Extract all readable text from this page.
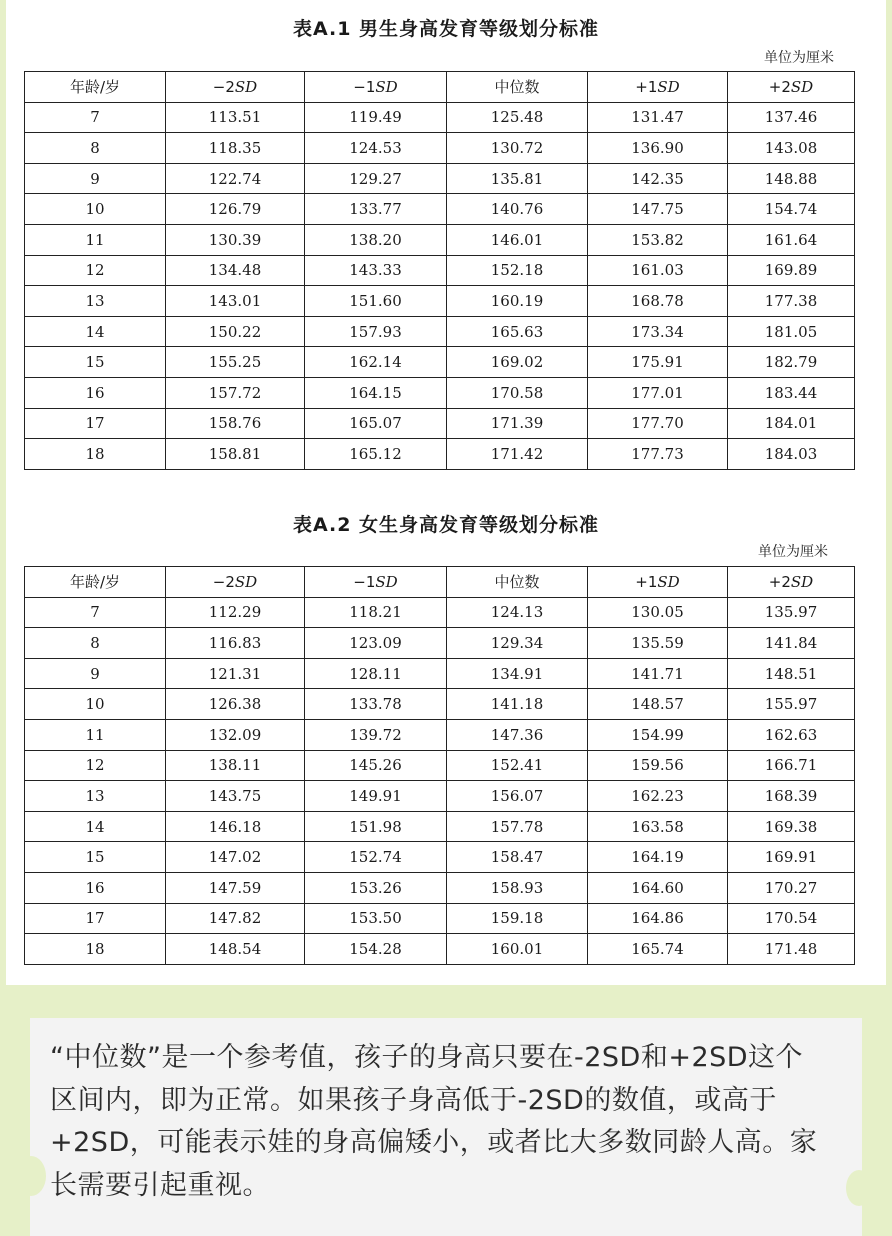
表A.1 男生身高发育等级划分标准
单位为厘米
年龄/岁	−2SD	−1SD	中位数	+1SD	+2SD
7	113.51	119.49	125.48	131.47	137.46
8	118.35	124.53	130.72	136.90	143.08
9	122.74	129.27	135.81	142.35	148.88
10	126.79	133.77	140.76	147.75	154.74
11	130.39	138.20	146.01	153.82	161.64
12	134.48	143.33	152.18	161.03	169.89
13	143.01	151.60	160.19	168.78	177.38
14	150.22	157.93	165.63	173.34	181.05
15	155.25	162.14	169.02	175.91	182.79
16	157.72	164.15	170.58	177.01	183.44
17	158.76	165.07	171.39	177.70	184.01
18	158.81	165.12	171.42	177.73	184.03
表A.2 女生身高发育等级划分标准
单位为厘米
年龄/岁	−2SD	−1SD	中位数	+1SD	+2SD
7	112.29	118.21	124.13	130.05	135.97
8	116.83	123.09	129.34	135.59	141.84
9	121.31	128.11	134.91	141.71	148.51
10	126.38	133.78	141.18	148.57	155.97
11	132.09	139.72	147.36	154.99	162.63
12	138.11	145.26	152.41	159.56	166.71
13	143.75	149.91	156.07	162.23	168.39
14	146.18	151.98	157.78	163.58	169.38
15	147.02	152.74	158.47	164.19	169.91
16	147.59	153.26	158.93	164.60	170.27
17	147.82	153.50	159.18	164.86	170.54
18	148.54	154.28	160.01	165.74	171.48
“中位数”是一个参考值，孩子的身高只要在-2SD和+2SD这个区间内，即为正常。如果孩子身高低于-2SD的数值，或高于+2SD，可能表示娃的身高偏矮小，或者比大多数同龄人高。家长需要引起重视。
